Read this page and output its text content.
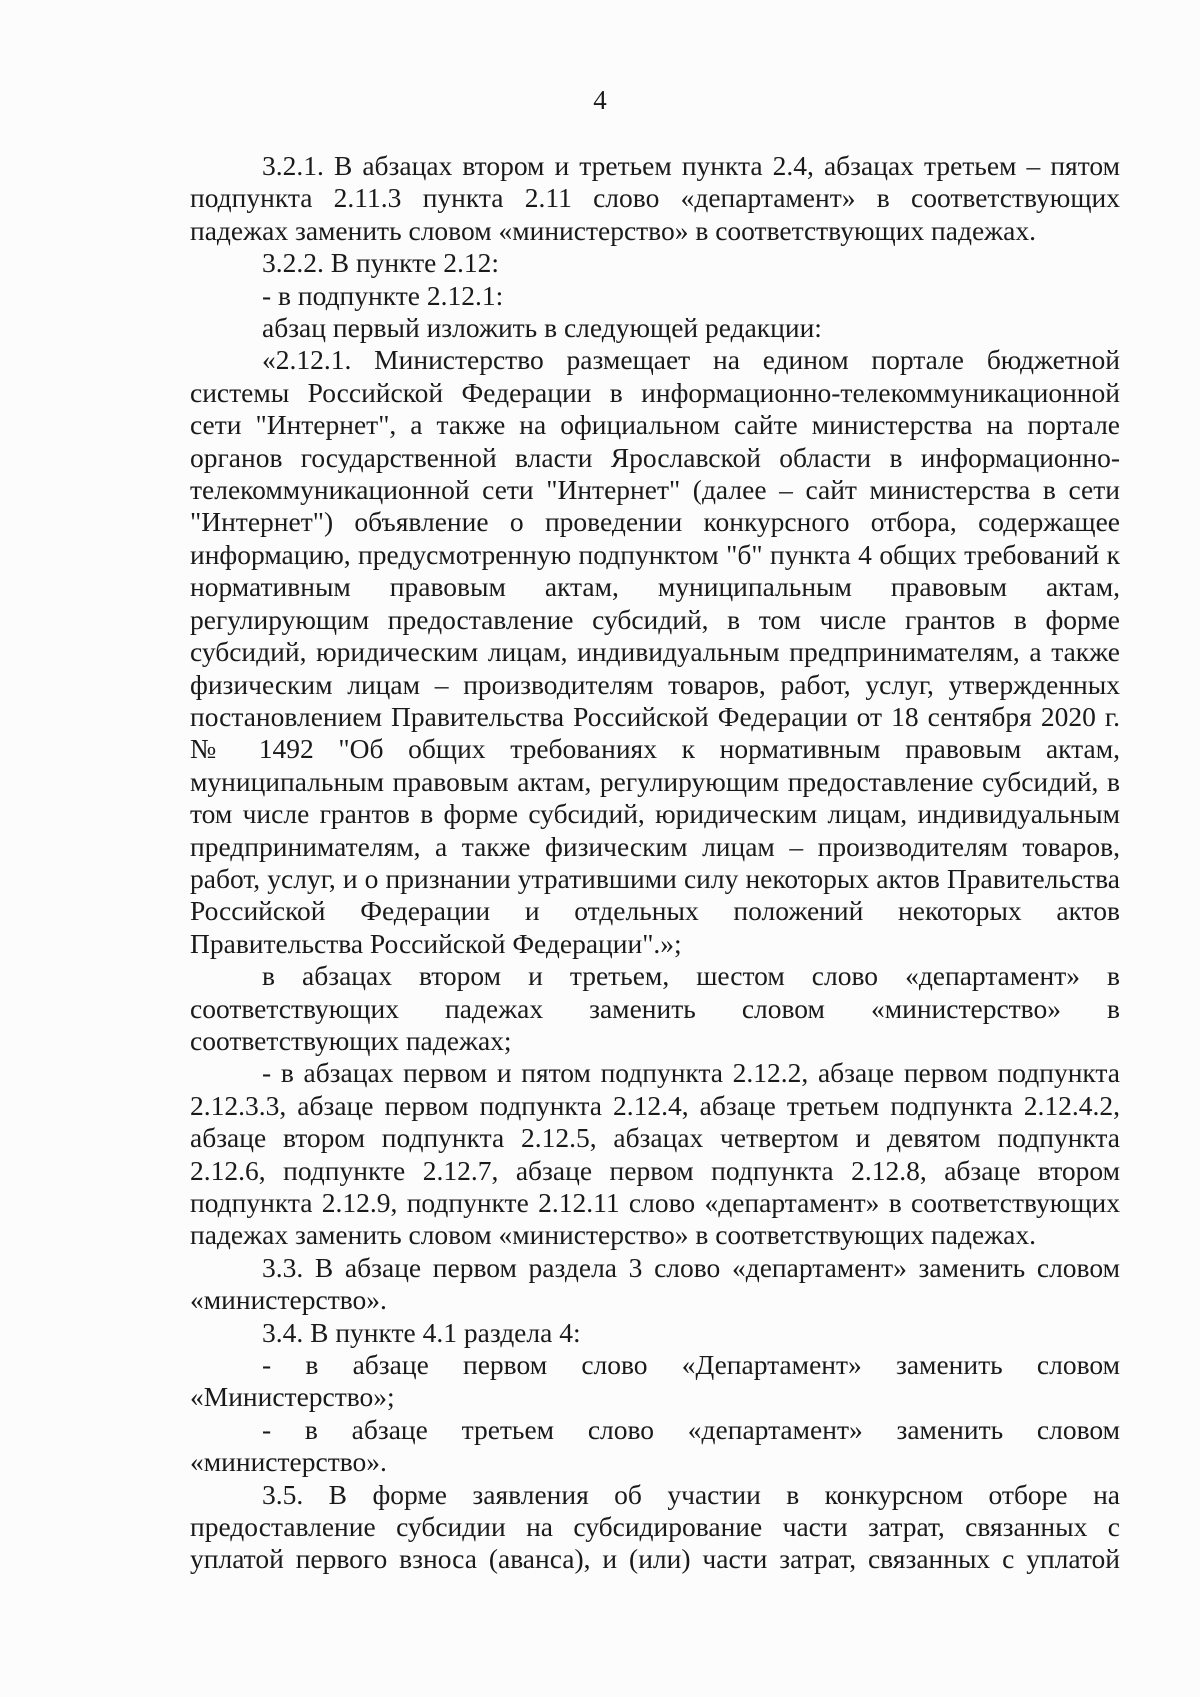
4

3.2.1. В абзацах втором и третьем пункта 2.4, абзацах третьем – пятом подпункта 2.11.3 пункта 2.11 слово «департамент» в соответствующих падежах заменить словом «министерство» в соответствующих падежах.

3.2.2. В пункте 2.12:

- в подпункте 2.12.1:

абзац первый изложить в следующей редакции:

«2.12.1. Министерство размещает на едином портале бюджетной системы Российской Федерации в информационно-телекоммуникационной сети "Интернет", а также на официальном сайте министерства на портале органов государственной власти Ярославской области в информационно-телекоммуникационной сети "Интернет" (далее – сайт министерства в сети "Интернет") объявление о проведении конкурсного отбора, содержащее информацию, предусмотренную подпунктом "б" пункта 4 общих требований к нормативным правовым актам, муниципальным правовым актам, регулирующим предоставление субсидий, в том числе грантов в форме субсидий, юридическим лицам, индивидуальным предпринимателям, а также физическим лицам – производителям товаров, работ, услуг, утвержденных постановлением Правительства Российской Федерации от 18 сентября 2020 г. № 1492 "Об общих требованиях к нормативным правовым актам, муниципальным правовым актам, регулирующим предоставление субсидий, в том числе грантов в форме субсидий, юридическим лицам, индивидуальным предпринимателям, а также физическим лицам – производителям товаров, работ, услуг, и о признании утратившими силу некоторых актов Правительства Российской Федерации и отдельных положений некоторых актов Правительства Российской Федерации".»;

в абзацах втором и третьем, шестом слово «департамент» в соответствующих падежах заменить словом «министерство» в соответствующих падежах;

- в абзацах первом и пятом подпункта 2.12.2, абзаце первом подпункта 2.12.3.3, абзаце первом подпункта 2.12.4, абзаце третьем подпункта 2.12.4.2, абзаце втором подпункта 2.12.5, абзацах четвертом и девятом подпункта 2.12.6, подпункте 2.12.7, абзаце первом подпункта 2.12.8, абзаце втором подпункта 2.12.9, подпункте 2.12.11 слово «департамент» в соответствующих падежах заменить словом «министерство» в соответствующих падежах.

3.3. В абзаце первом раздела 3 слово «департамент» заменить словом «министерство».

3.4. В пункте 4.1 раздела 4:

- в абзаце первом слово «Департамент» заменить словом «Министерство»;

- в абзаце третьем слово «департамент» заменить словом «министерство».

3.5. В форме заявления об участии в конкурсном отборе на предоставление субсидии на субсидирование части затрат, связанных с уплатой первого взноса (аванса), и (или) части затрат, связанных с уплатой
